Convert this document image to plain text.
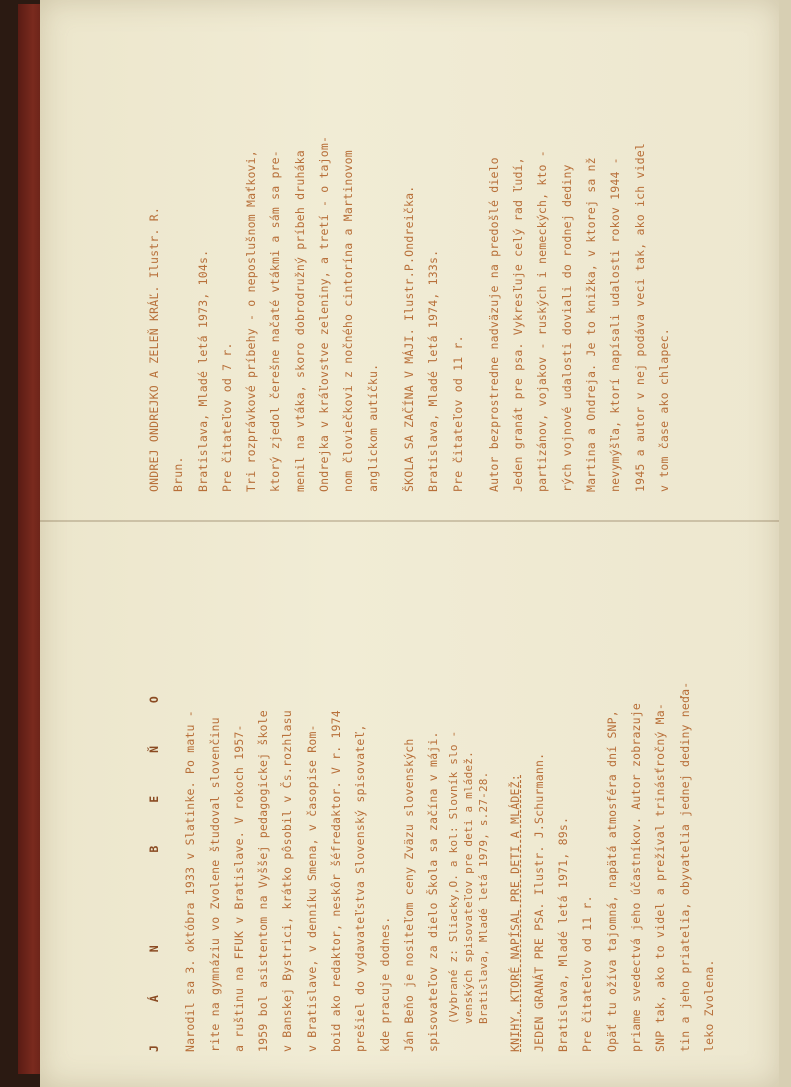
ONDREJ ONDREJKO A ZELEŇ KRÁĽ. Ilustr. R. Brun. Bratislava, Mladé letá 1973, 104s. Pre čitateľov od 7 r. Tri rozprávkové príbehy - o neposlušnom Maťkovi, ktorý zjedol čerešne načaté vtákmi a sám sa pre- menil na vtáka, skoro dobrodružný príbeh druháka Ondrejka v kráľovstve zeleniny, a tretí - o tajom- nom človiečkovi z nočného cintorína a Martinovom anglickom autíčku.	ŠKOLA SA ZAČÍNA V MÁJI. Ilustr.P.Ondreička. Bratislava, Mladé letá 1974, 133s. Pre čitateľov od 11 r.	Autor bezprostredne nadväzuje na predošlé dielo Jeden granát pre psa. Vykresľuje celý rad ľudí, partizánov, vojakov - ruských i nemeckých, kto - rých vojnové udalosti doviali do rodnej dediny Martina a Ondreja. Je to knižka, v ktorej sa nž nevymýšľa, ktorí napísali udalosti rokov 1944 - 1945 a autor v nej podáva veci tak, ako ich videl v tom čase ako chlapec.
J Á N   B E Ň O	Narodil sa 3. októbra 1933 v Slatinke. Po matu - rite na gymnáziu vo Zvolene študoval slovenčinu a ruštinu na FFUK v Bratislave. V rokoch 1957- 1959 bol asistentom na Vyššej pedagogickej škole v Banskej Bystrici, krátko pôsobil v Čs.rozhlasu v Bratislave, v denníku Smena, v časopise Rom- boid ako redaktor, neskôr šéfredaktor. V r. 1974 prešiel do vydavateľstva Slovenský spisovateľ, kde pracuje dodnes. Ján Beňo je nositeľom ceny Zväzu slovenských spisovateľov za dielo Škola sa začína v máji. (Vybrané z: Sliacky,O. a kol: Slovník slo - venských spisovateľov pre deti a mládež. Bratislava, Mladé letá 1979, s.27-28.	KNIHY, KTORÉ NAPÍSAL PRE DETI A MLÁDEŽ: JEDEN GRANÁT PRE PSA. Ilustr. J.Schurmann. Bratislava, Mladé letá 1971, 89s. Pre čitateľov od 11 r. Opäť tu ožíva tajomná, napätá atmosféra dní SNP, priame svedectvá jeho účastníkov. Autor zobrazuje SNP tak, ako to videl a prežíval trinásťročný Ma- tin a jeho priatelia, obyvatelia jednej dediny neďa- leko Zvolena.
